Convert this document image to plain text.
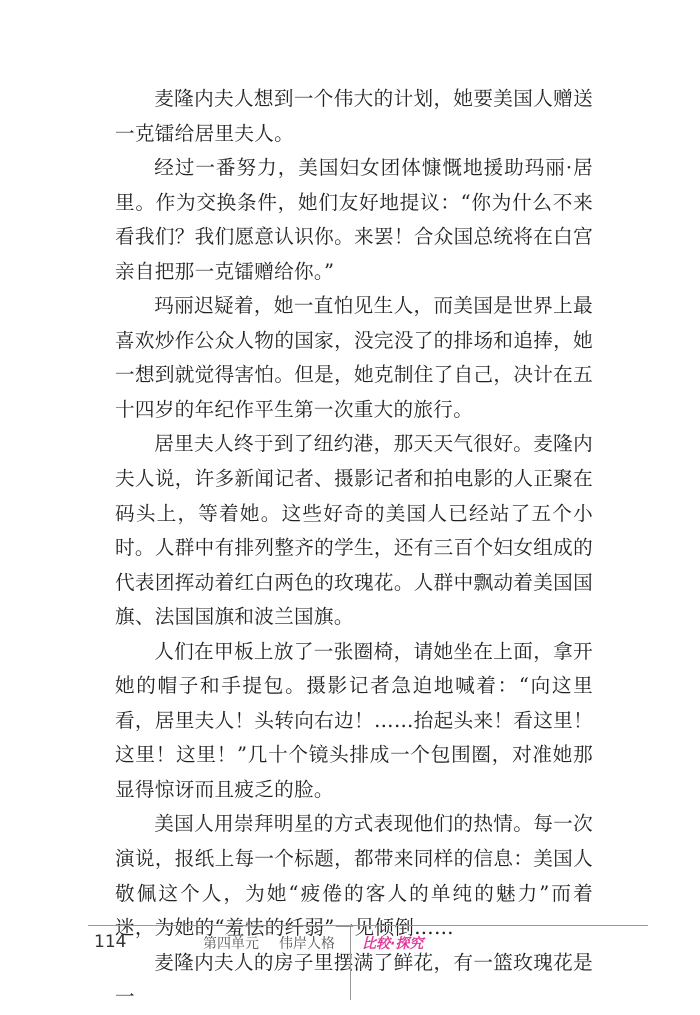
麦隆内夫人想到一个伟大的计划，她要美国人赠送一克镭给居里夫人。

经过一番努力，美国妇女团体慷慨地援助玛丽·居里。作为交换条件，她们友好地提议：“你为什么不来看我们？我们愿意认识你。来罢！合众国总统将在白宫亲自把那一克镭赠给你。”

玛丽迟疑着，她一直怕见生人，而美国是世界上最喜欢炒作公众人物的国家，没完没了的排场和追捧，她一想到就觉得害怕。但是，她克制住了自己，决计在五十四岁的年纪作平生第一次重大的旅行。

居里夫人终于到了纽约港，那天天气很好。麦隆内夫人说，许多新闻记者、摄影记者和拍电影的人正聚在码头上，等着她。这些好奇的美国人已经站了五个小时。人群中有排列整齐的学生，还有三百个妇女组成的代表团挥动着红白两色的玫瑰花。人群中飘动着美国国旗、法国国旗和波兰国旗。

人们在甲板上放了一张圈椅，请她坐在上面，拿开她的帽子和手提包。摄影记者急迫地喊着：“向这里看，居里夫人！头转向右边！……抬起头来！看这里！这里！这里！”几十个镜头排成一个包围圈，对准她那显得惊讶而且疲乏的脸。

美国人用崇拜明星的方式表现他们的热情。每一次演说，报纸上每一个标题，都带来同样的信息：美国人敬佩这个人，为她“疲倦的客人的单纯的魅力”而着迷，为她的“羞怯的纤弱”一见倾倒……

麦隆内夫人的房子里摆满了鲜花，有一篮玫瑰花是一

114	第四单元 伟岸人格 比较·探究
